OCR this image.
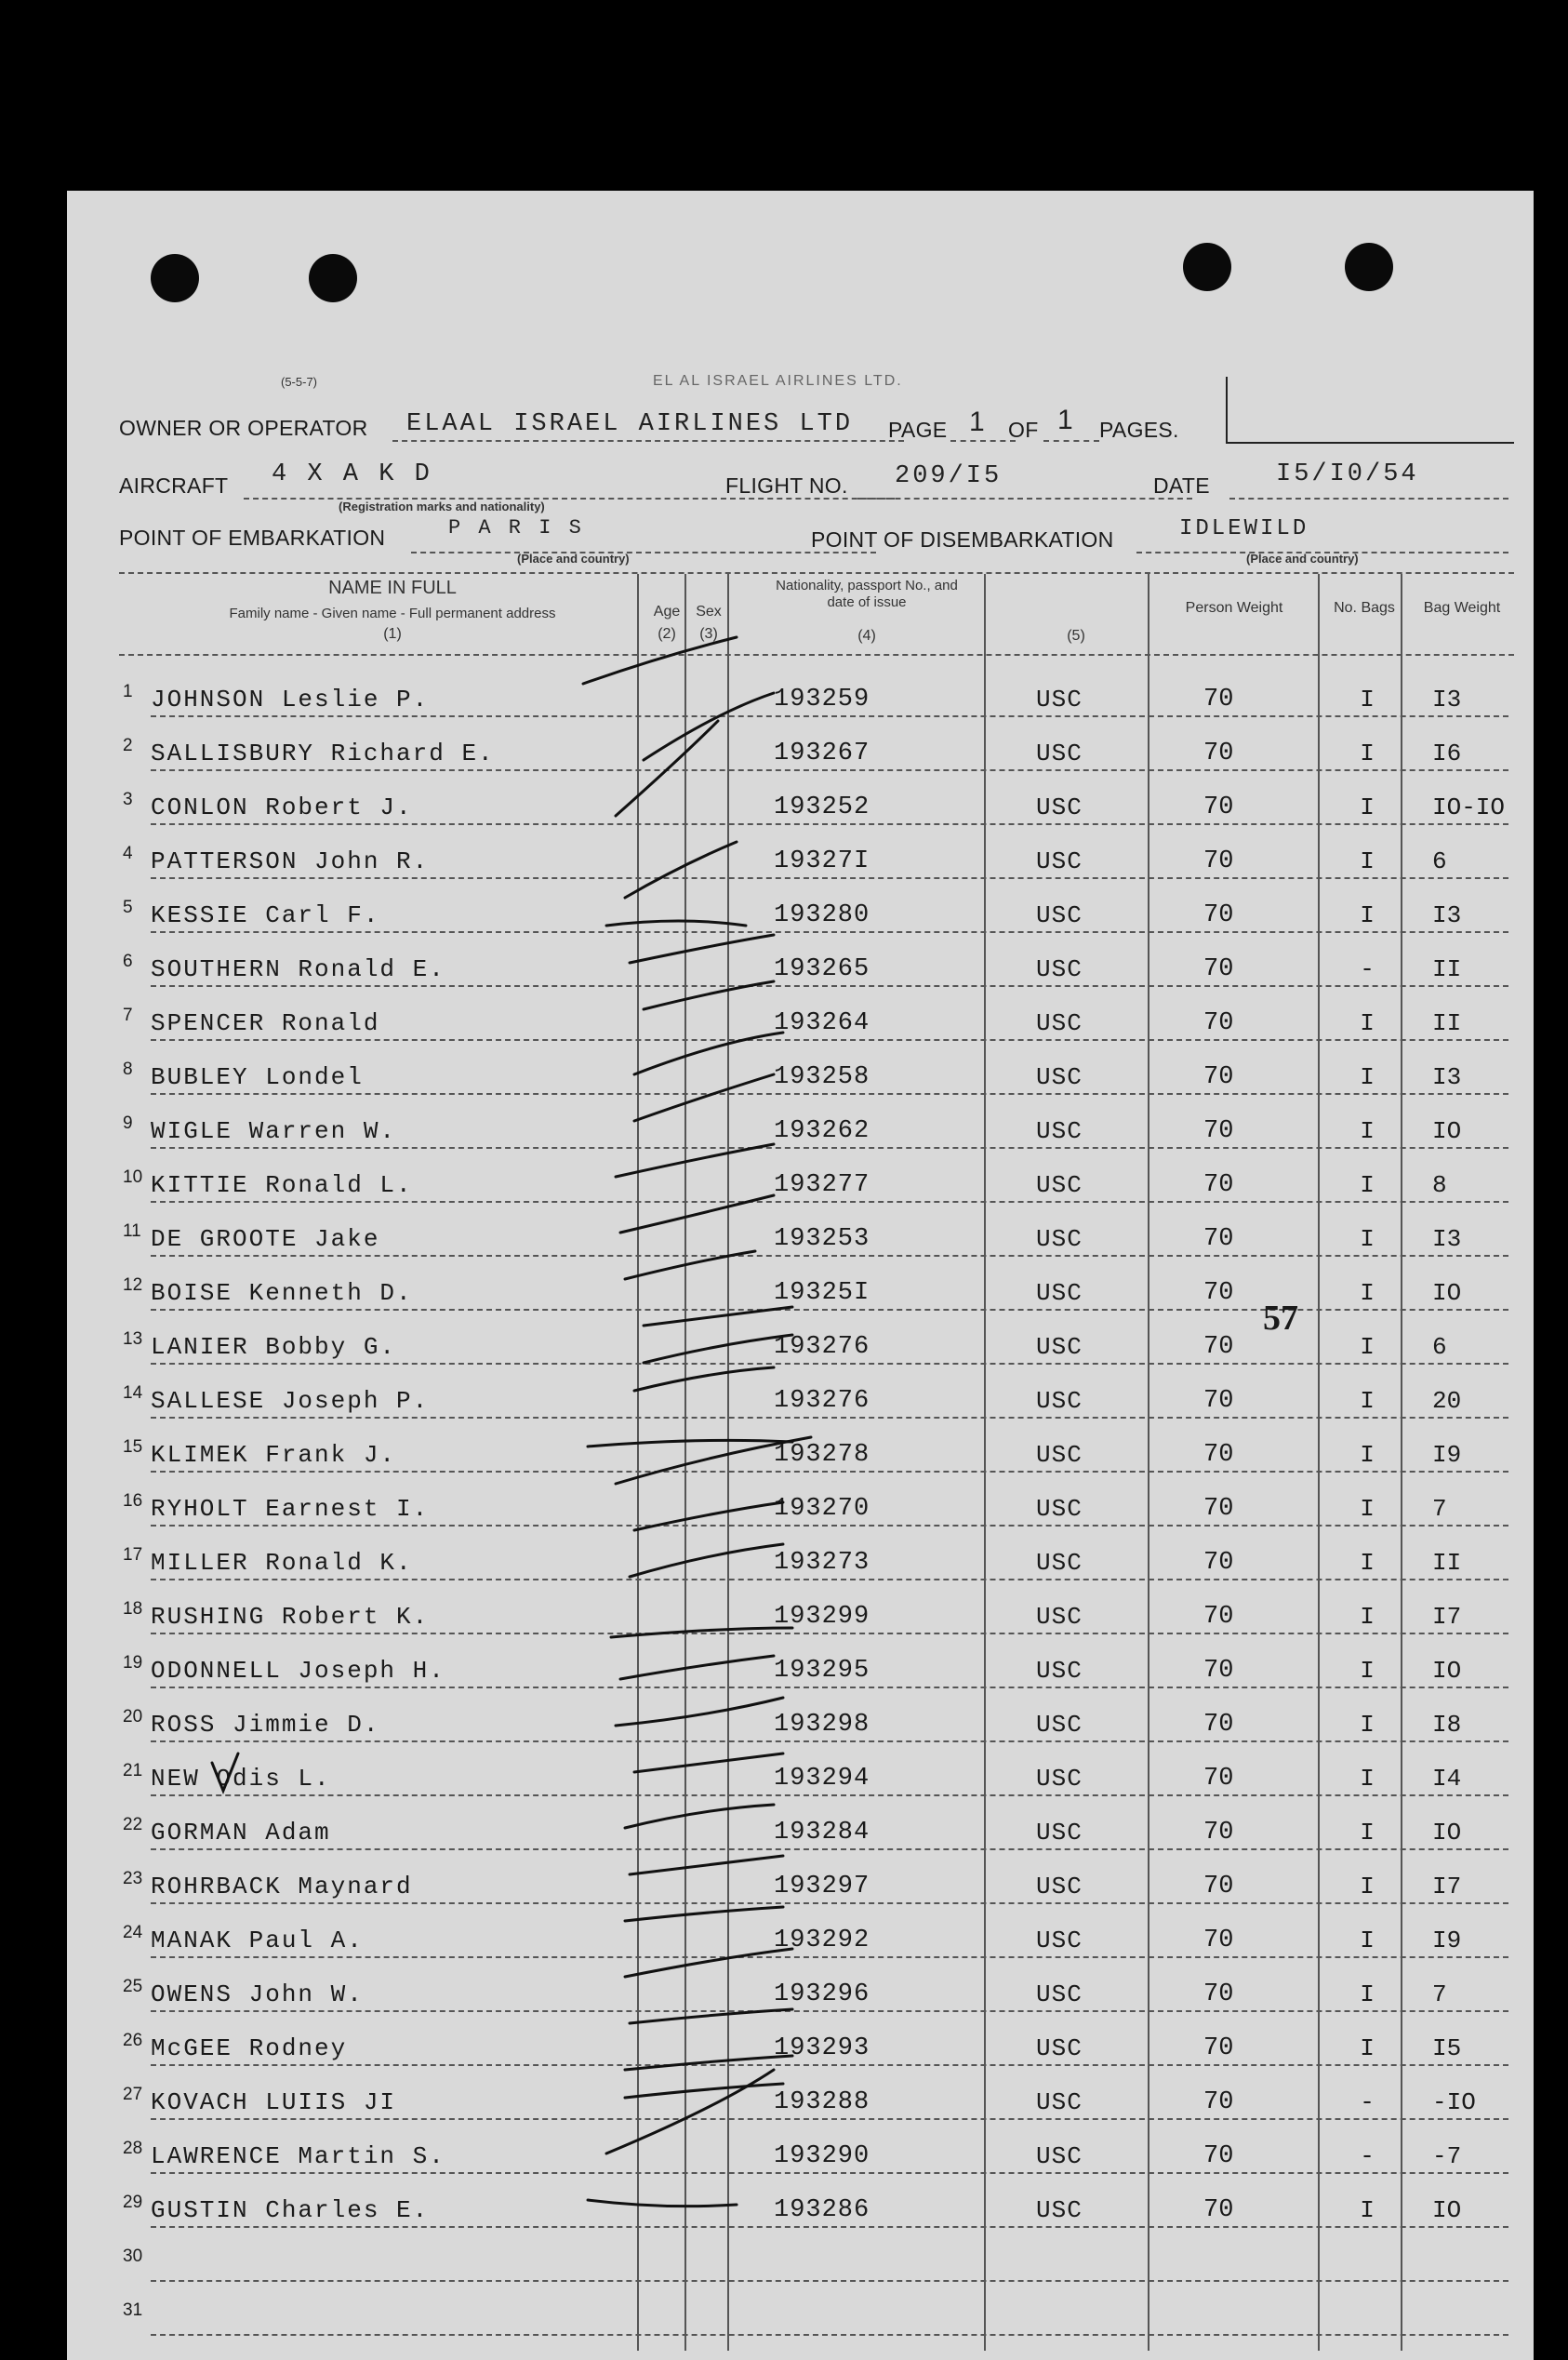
(5-5-7)	EL AL ISRAEL AIRLINES LTD.
OWNER OR OPERATOR ELAAL ISRAEL AIRLINES LTD PAGE 1 OF 1 PAGES.
AIRCRAFT 4 X A K D
(Registration marks and nationality)
FLIGHT NO. 209/I5	DATE	I5/I0/54
POINT OF EMBARKATION	P A R I S
(Place and country)
POINT OF DISEMBARKATION	IDLEWILD
(Place and country)
NAME IN FULL
Family name - Given name - Full permanent address
(1)
Age
(2)
Sex
(3)
Nationality, passport No., and date of issue
(4)	(5)
Person Weight	No. Bags	Bag Weight
1 JOHNSON Leslie P.	193259	USC	70	I	I3
2 SALLISBURY Richard E.	193267	USC	70	I	I6
3 CONLON Robert J.	193252	USC	70	I	IO-IO
4 PATTERSON John R.	19327I	USC	70	I	6
5 KESSIE Carl F.	193280	USC	70	I	I3
6 SOUTHERN Ronald E.	193265	USC	70	-	II
7 SPENCER Ronald	193264	USC	70	I	II
8 BUBLEY Londel	193258	USC	70	I	I3
9 WIGLE Warren W.	193262	USC	70	I	IO
10 KITTIE Ronald L.	193277	USC	70	I	8
11 DE GROOTE Jake	193253	USC	70	I	I3
12 BOISE Kenneth D.	19325I	USC	70	I	IO
13 LANIER Bobby G.	193276	USC	70	I	6
14 SALLESE Joseph P.	193276	USC	70	I	20
15 KLIMEK Frank J.	193278	USC	70	I	I9
16 RYHOLT Earnest I.	193270	USC	70	I	7
17 MILLER Ronald K.	193273	USC	70	I	II
18 RUSHING Robert K.	193299	USC	70	I	I7
19 ODONNELL Joseph H.	193295	USC	70	I	IO
20 ROSS Jimmie D.	193298	USC	70	I	I8
21 NEW Odis L.	193294	USC	70	I	I4
22 GORMAN Adam	193284	USC	70	I	IO
23 ROHRBACK Maynard	193297	USC	70	I	I7
24 MANAK Paul A.	193292	USC	70	I	I9
25 OWENS John W.	193296	USC	70	I	7
26 McGEE Rodney	193293	USC	70	I	I5
27 KOVACH LUIIS JI	193288	USC	70	-	-IO
28 LAWRENCE Martin S.	193290	USC	70	-	-7
29 GUSTIN Charles E.	193286	USC	70	I	IO
30
31
57
